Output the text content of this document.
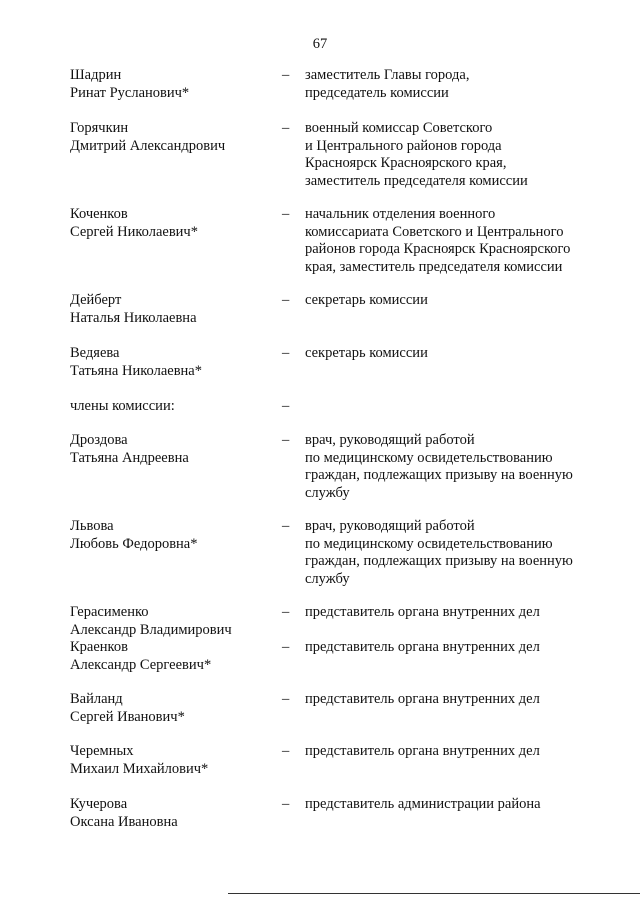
67
Шадрин
Ринат Русланович*
– заместитель Главы города,
председатель комиссии
Горячкин
Дмитрий Александрович
– военный комиссар Советского
и Центрального районов города
Красноярск Красноярского края,
заместитель председателя комиссии
Коченков
Сергей Николаевич*
– начальник отделения военного
комиссариата Советского и Центрального
районов города Красноярск Красноярского
края, заместитель председателя комиссии
Дейберт
Наталья Николаевна
– секретарь комиссии
Ведяева
Татьяна Николаевна*
– секретарь комиссии
члены комиссии:	–
Дроздова
Татьяна Андреевна
– врач, руководящий работой
по медицинскому освидетельствованию
граждан, подлежащих призыву на военную
службу
Львова
Любовь Федоровна*
– врач, руководящий работой
по медицинскому освидетельствованию
граждан, подлежащих призыву на военную
службу
Герасименко
Александр Владимирович
– представитель органа внутренних дел
Краенков
Александр Сергеевич*
– представитель органа внутренних дел
Вайланд
Сергей Иванович*
– представитель органа внутренних дел
Черемных
Михаил Михайлович*
– представитель органа внутренних дел
Кучерова
Оксана Ивановна
– представитель администрации района
